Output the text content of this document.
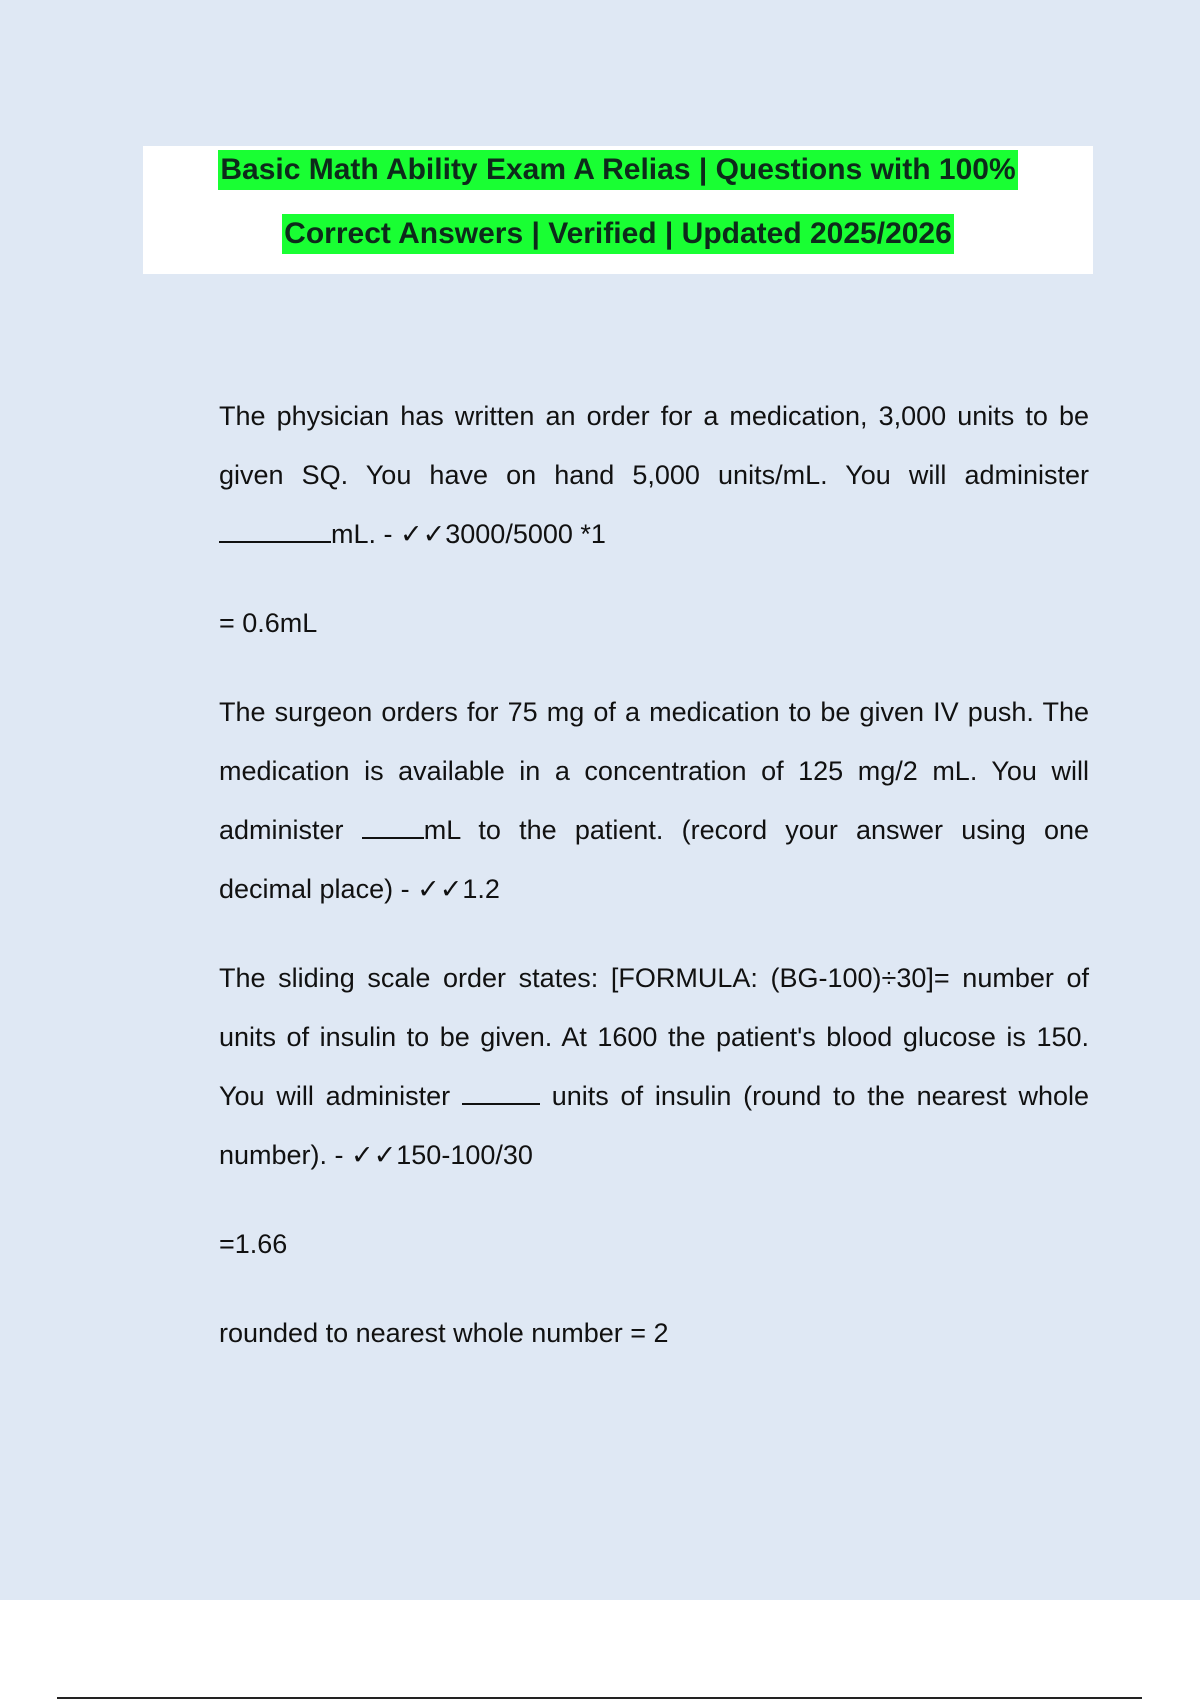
Basic Math Ability Exam A Relias | Questions with 100%
Correct Answers | Verified | Updated 2025/2026

The physician has written an order for a medication, 3,000 units to be given SQ. You have on hand 5,000 units/mL. You will administer mL. - ✓✓3000/5000 *1

= 0.6mL

The surgeon orders for 75 mg of a medication to be given IV push. The medication is available in a concentration of 125 mg/2 mL. You will administer mL to the patient. (record your answer using one decimal place) - ✓✓1.2

The sliding scale order states: [FORMULA: (BG-100)÷30]= number of units of insulin to be given. At 1600 the patient's blood glucose is 150. You will administer	units of insulin (round to the nearest whole number). - ✓✓150-100/30

=1.66

rounded to nearest whole number = 2
